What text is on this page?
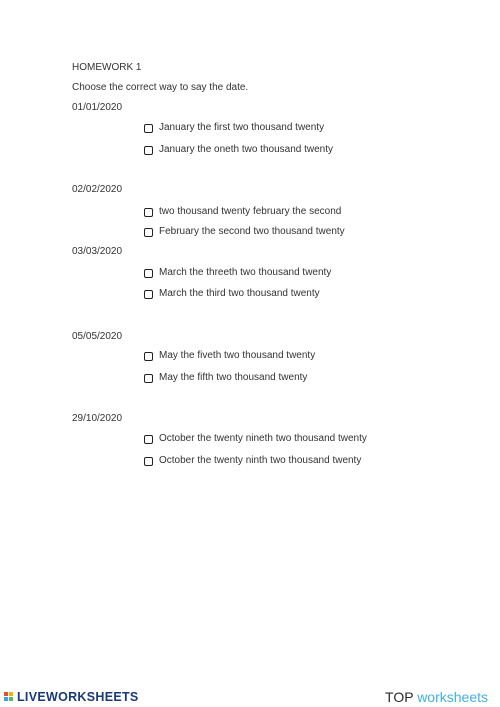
HOMEWORK 1
Choose the correct way to say the date.
01/01/2020
January the first two thousand twenty
January the oneth two thousand twenty
02/02/2020
two thousand twenty february the second
February the second two thousand twenty
03/03/2020
March the threeth two thousand twenty
March the third two thousand twenty
05/05/2020
May the fiveth two thousand twenty
May the fifth two thousand twenty
29/10/2020
October the twenty nineth two thousand twenty
October the twenty ninth two thousand twenty
LIVEWORKSHEETS	TOP worksheets
